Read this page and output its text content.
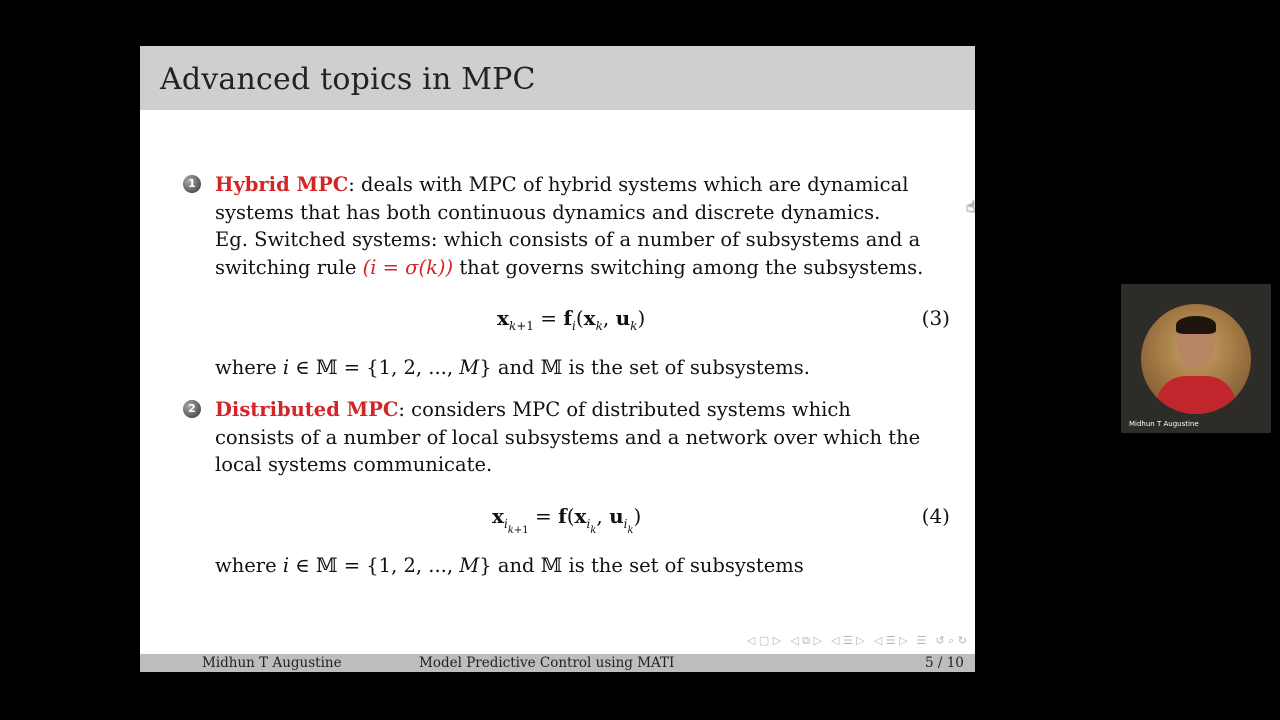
Advanced topics in MPC
1 Hybrid MPC: deals with MPC of hybrid systems which are dynamical
systems that has both continuous dynamics and discrete dynamics.
Eg. Switched systems: which consists of a number of subsystems and a
switching rule (i = σ(k)) that governs switching among the subsystems.
$x_{k+1} = f_i(x_k$, $u_k$)	(3)
where i ∈ 𝕄 = {1, 2, ..., M} and 𝕄 is the set of subsystems.
2 Distributed MPC: considers MPC of distributed systems which
consists of a number of local subsystems and a network over which the
local systems communicate.
$x_{i_{k+1}} = f(x_{i_k}$, $u_{i_k}$)	(4)
where i ∈ 𝕄 = {1, 2, ..., M} and 𝕄 is the set of subsystems
◁ ▢ ▷ ◁ ⧉ ▷ ◁ ☰ ▷ ◁ ☰ ▷ ☰ ↺ ⌕ ↻
Midhun T Augustine	Model Predictive Control using MATI	5 / 10
☝
Midhun T Augustine
